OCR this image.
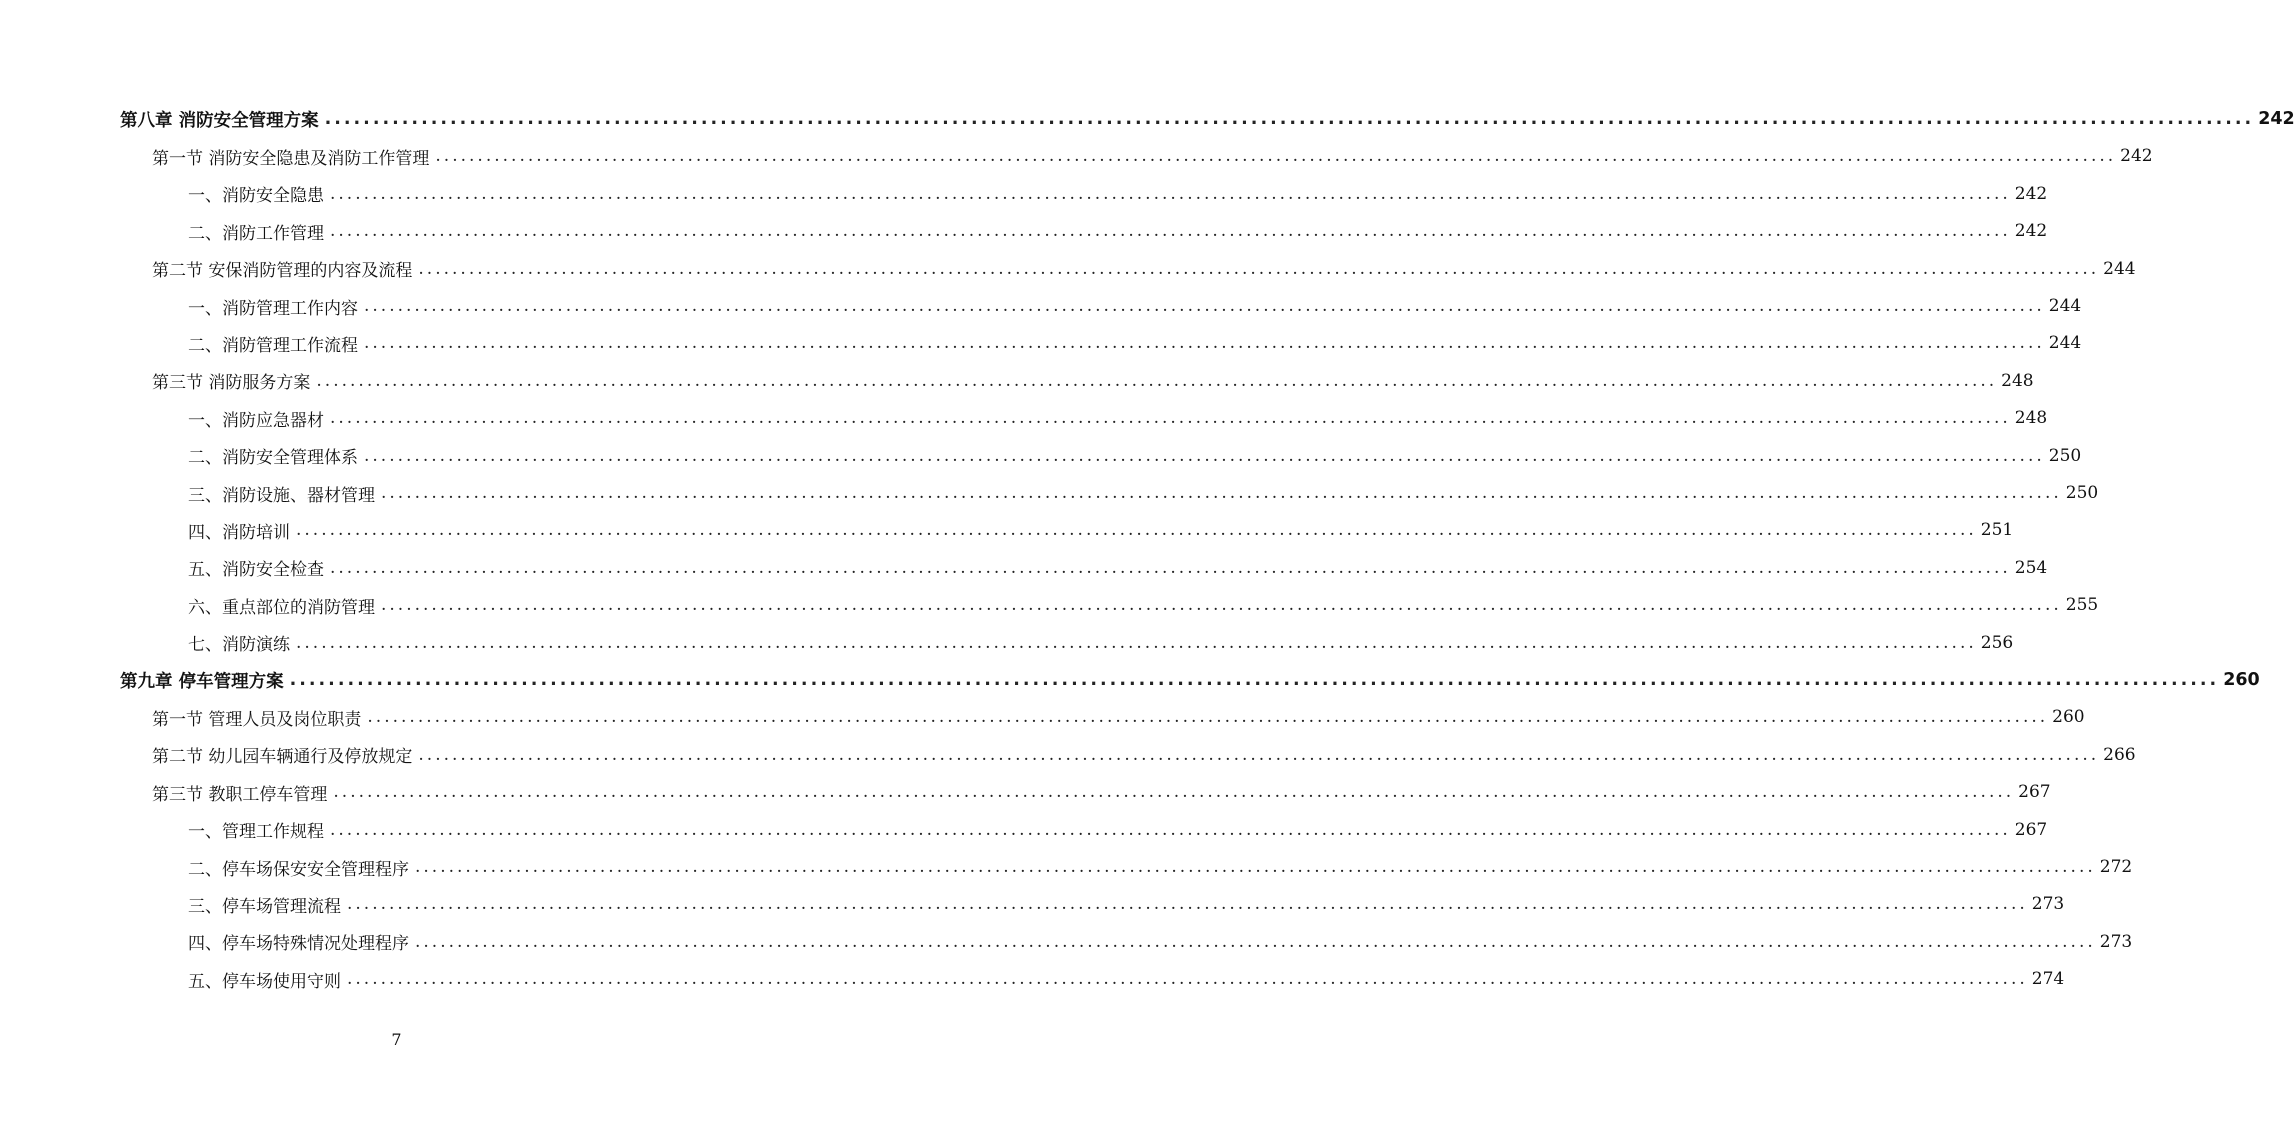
第八章 消防安全管理方案 ........................................................................................................................................................................................................ 242
第一节 消防安全隐患及消防工作管理 ........................................................................................................................................................................................................ 242
一、消防安全隐患 ........................................................................................................................................................................................................ 242
二、消防工作管理 ........................................................................................................................................................................................................ 242
第二节 安保消防管理的内容及流程 ........................................................................................................................................................................................................ 244
一、消防管理工作内容 ........................................................................................................................................................................................................ 244
二、消防管理工作流程 ........................................................................................................................................................................................................ 244
第三节 消防服务方案 ........................................................................................................................................................................................................ 248
一、消防应急器材 ........................................................................................................................................................................................................ 248
二、消防安全管理体系 ........................................................................................................................................................................................................ 250
三、消防设施、器材管理 ........................................................................................................................................................................................................ 250
四、消防培训 ........................................................................................................................................................................................................ 251
五、消防安全检查 ........................................................................................................................................................................................................ 254
六、重点部位的消防管理 ........................................................................................................................................................................................................ 255
七、消防演练 ........................................................................................................................................................................................................ 256
第九章 停车管理方案 ........................................................................................................................................................................................................ 260
第一节 管理人员及岗位职责 ........................................................................................................................................................................................................ 260
第二节 幼儿园车辆通行及停放规定 ........................................................................................................................................................................................................ 266
第三节 教职工停车管理 ........................................................................................................................................................................................................ 267
一、管理工作规程 ........................................................................................................................................................................................................ 267
二、停车场保安安全管理程序 ........................................................................................................................................................................................................ 272
三、停车场管理流程 ........................................................................................................................................................................................................ 273
四、停车场特殊情况处理程序 ........................................................................................................................................................................................................ 273
五、停车场使用守则 ........................................................................................................................................................................................................ 274
7
